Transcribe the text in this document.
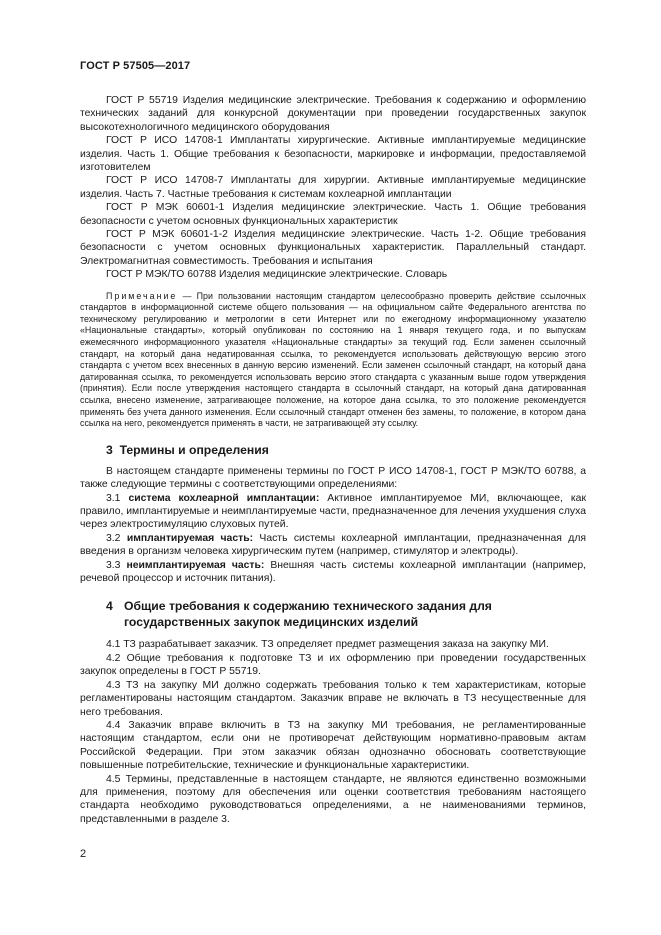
ГОСТ Р 57505—2017

ГОСТ Р 55719 Изделия медицинские электрические. Требования к содержанию и оформлению технических заданий для конкурсной документации при проведении государственных закупок высокотехнологичного медицинского оборудования

ГОСТ Р ИСО 14708-1 Имплантаты хирургические. Активные имплантируемые медицинские изделия. Часть 1. Общие требования к безопасности, маркировке и информации, предоставляемой изготовителем

ГОСТ Р ИСО 14708-7 Имплантаты для хирургии. Активные имплантируемые медицинские изделия. Часть 7. Частные требования к системам кохлеарной имплантации

ГОСТ Р МЭК 60601-1 Изделия медицинские электрические. Часть 1. Общие требования безопасности с учетом основных функциональных характеристик

ГОСТ Р МЭК 60601-1-2 Изделия медицинские электрические. Часть 1-2. Общие требования безопасности с учетом основных функциональных характеристик. Параллельный стандарт. Электромагнитная совместимость. Требования и испытания

ГОСТ Р МЭК/ТО 60788 Изделия медицинские электрические. Словарь

Примечание — При пользовании настоящим стандартом целесообразно проверить действие ссылочных стандартов в информационной системе общего пользования — на официальном сайте Федерального агентства по техническому регулированию и метрологии в сети Интернет или по ежегодному информационному указателю «Национальные стандарты», который опубликован по состоянию на 1 января текущего года, и по выпускам ежемесячного информационного указателя «Национальные стандарты» за текущий год. Если заменен ссылочный стандарт, на который дана недатированная ссылка, то рекомендуется использовать действующую версию этого стандарта с учетом всех внесенных в данную версию изменений. Если заменен ссылочный стандарт, на который дана датированная ссылка, то рекомендуется использовать версию этого стандарта с указанным выше годом утверждения (принятия). Если после утверждения настоящего стандарта в ссылочный стандарт, на который дана датированная ссылка, внесено изменение, затрагивающее положение, на которое дана ссылка, то это положение рекомендуется применять без учета данного изменения. Если ссылочный стандарт отменен без замены, то положение, в котором дана ссылка на него, рекомендуется применять в части, не затрагивающей эту ссылку.

3 Термины и определения

В настоящем стандарте применены термины по ГОСТ Р ИСО 14708-1, ГОСТ Р МЭК/ТО 60788, а также следующие термины с соответствующими определениями:

3.1 система кохлеарной имплантации: Активное имплантируемое МИ, включающее, как правило, имплантируемые и неимплантируемые части, предназначенное для лечения ухудшения слуха через электростимуляцию слуховых путей.

3.2 имплантируемая часть: Часть системы кохлеарной имплантации, предназначенная для введения в организм человека хирургическим путем (например, стимулятор и электроды).

3.3 неимплантируемая часть: Внешняя часть системы кохлеарной имплантации (например, речевой процессор и источник питания).

4 Общие требования к содержанию технического задания для государственных закупок медицинских изделий

4.1 ТЗ разрабатывает заказчик. ТЗ определяет предмет размещения заказа на закупку МИ.

4.2 Общие требования к подготовке ТЗ и их оформлению при проведении государственных закупок определены в ГОСТ Р 55719.

4.3 ТЗ на закупку МИ должно содержать требования только к тем характеристикам, которые регламентированы настоящим стандартом. Заказчик вправе не включать в ТЗ несущественные для него требования.

4.4 Заказчик вправе включить в ТЗ на закупку МИ требования, не регламентированные настоящим стандартом, если они не противоречат действующим нормативно-правовым актам Российской Федерации. При этом заказчик обязан однозначно обосновать соответствующие повышенные потребительские, технические и функциональные характеристики.

4.5 Термины, представленные в настоящем стандарте, не являются единственно возможными для применения, поэтому для обеспечения или оценки соответствия требованиям настоящего стандарта необходимо руководствоваться определениями, а не наименованиями терминов, представленными в разделе 3.

2
